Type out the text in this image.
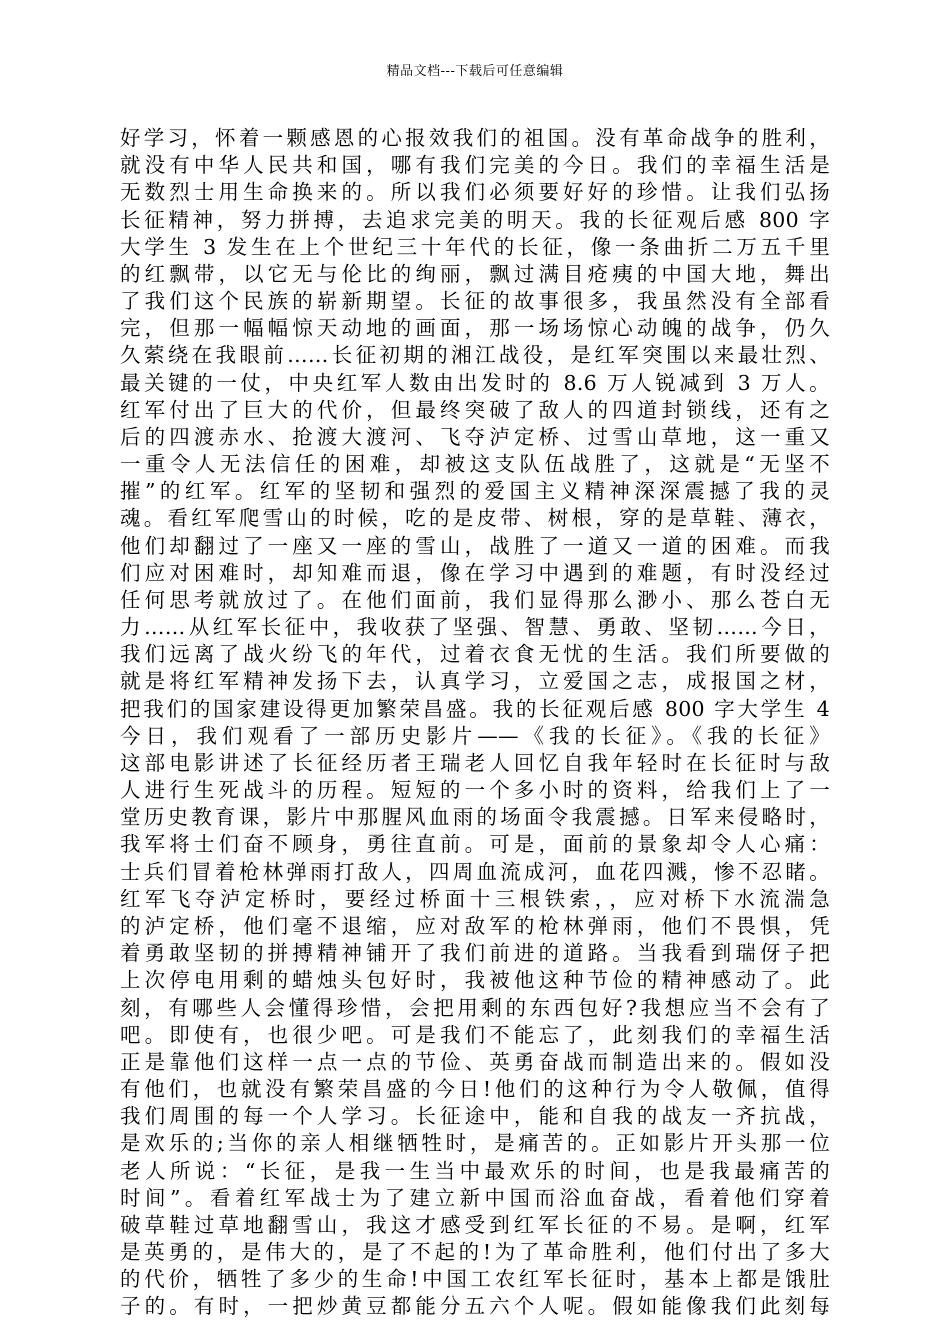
精品文档---下载后可任意编辑
好学习，怀着一颗感恩的心报效我们的祖国。没有革命战争的胜利，
就没有中华人民共和国，哪有我们完美的今日。我们的幸福生活是
无数烈士用生命换来的。所以我们必须要好好的珍惜。让我们弘扬
长征精神，努力拼搏，去追求完美的明天。我的长征观后感 800 字
大学生 3 发生在上个世纪三十年代的长征，像一条曲折二万五千里
的红飘带，以它无与伦比的绚丽，飘过满目疮痍的中国大地，舞出
了我们这个民族的崭新期望。长征的故事很多，我虽然没有全部看
完，但那一幅幅惊天动地的画面，那一场场惊心动魄的战争，仍久
久萦绕在我眼前……长征初期的湘江战役，是红军突围以来最壮烈、
最关键的一仗，中央红军人数由出发时的 8.6 万人锐减到 3 万人。
红军付出了巨大的代价，但最终突破了敌人的四道封锁线，还有之
后的四渡赤水、抢渡大渡河、飞夺泸定桥、过雪山草地，这一重又
一重令人无法信任的困难，却被这支队伍战胜了，这就是“无坚不
摧”的红军。红军的坚韧和强烈的爱国主义精神深深震撼了我的灵
魂。看红军爬雪山的时候，吃的是皮带、树根，穿的是草鞋、薄衣，
他们却翻过了一座又一座的雪山，战胜了一道又一道的困难。而我
们应对困难时，却知难而退，像在学习中遇到的难题，有时没经过
任何思考就放过了。在他们面前，我们显得那么渺小、那么苍白无
力……从红军长征中，我收获了坚强、智慧、勇敢、坚韧……今日，
我们远离了战火纷飞的年代，过着衣食无忧的生活。我们所要做的
就是将红军精神发扬下去，认真学习，立爱国之志，成报国之材，
把我们的国家建设得更加繁荣昌盛。我的长征观后感 800 字大学生 4
今日，我们观看了一部历史影片——《我的长征》。《我的长征》
这部电影讲述了长征经历者王瑞老人回忆自我年轻时在长征时与敌
人进行生死战斗的历程。短短的一个多小时的资料，给我们上了一
堂历史教育课，影片中那腥风血雨的场面令我震撼。日军来侵略时，
我军将士们奋不顾身，勇往直前。可是，面前的景象却令人心痛：
士兵们冒着枪林弹雨打敌人，四周血流成河，血花四溅，惨不忍睹。
红军飞夺泸定桥时，要经过桥面十三根铁索，，应对桥下水流湍急
的泸定桥，他们毫不退缩，应对敌军的枪林弹雨，他们不畏惧，凭
着勇敢坚韧的拼搏精神铺开了我们前进的道路。当我看到瑞伢子把
上次停电用剩的蜡烛头包好时，我被他这种节俭的精神感动了。此
刻，有哪些人会懂得珍惜，会把用剩的东西包好?我想应当不会有了
吧。即使有，也很少吧。可是我们不能忘了，此刻我们的幸福生活
正是靠他们这样一点一点的节俭、英勇奋战而制造出来的。假如没
有他们，也就没有繁荣昌盛的今日!他们的这种行为令人敬佩，值得
我们周围的每一个人学习。长征途中，能和自我的战友一齐抗战，
是欢乐的;当你的亲人相继牺牲时，是痛苦的。正如影片开头那一位
老人所说：“长征，是我一生当中最欢乐的时间，也是我最痛苦的
时间”。看着红军战士为了建立新中国而浴血奋战，看着他们穿着
破草鞋过草地翻雪山，我这才感受到红军长征的不易。是啊，红军
是英勇的，是伟大的，是了不起的!为了革命胜利，他们付出了多大
的代价，牺牲了多少的生命!中国工农红军长征时，基本上都是饿肚
子的。有时，一把炒黄豆都能分五六个人呢。假如能像我们此刻每
